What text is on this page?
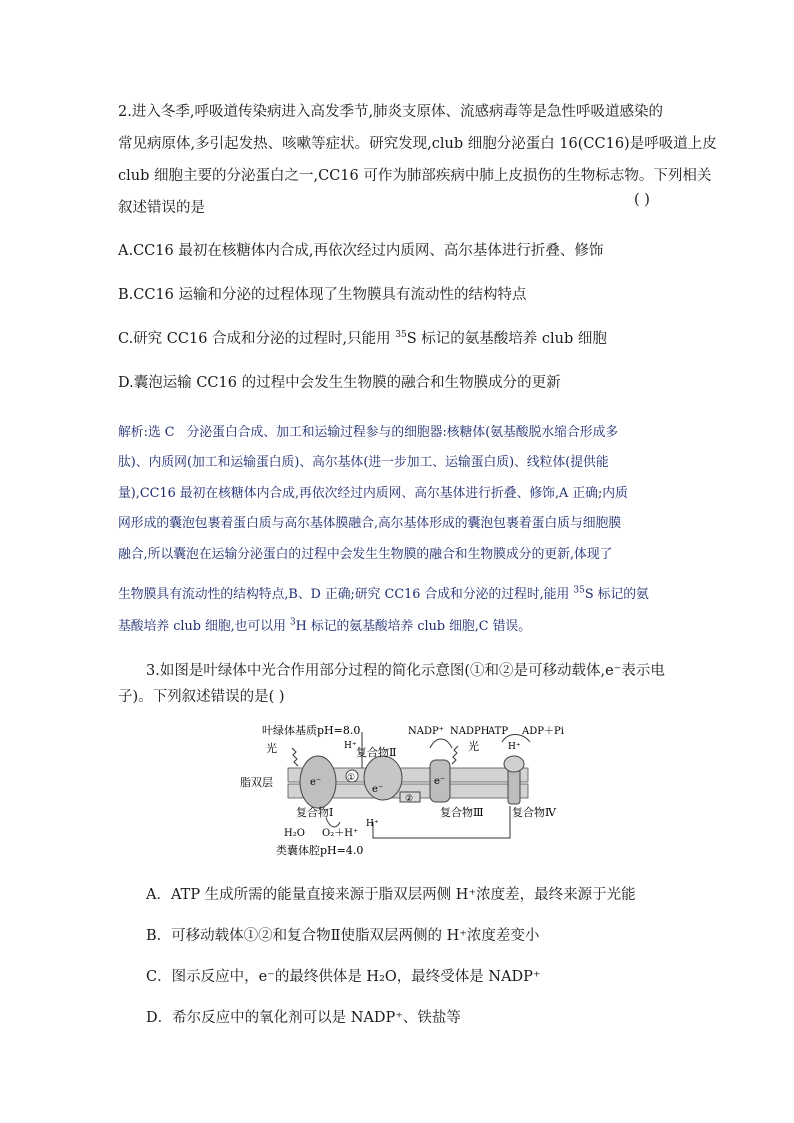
2.进入冬季,呼吸道传染病进入高发季节,肺炎支原体、流感病毒等是急性呼吸道感染的
常见病原体,多引起发热、咳嗽等症状。研究发现,club 细胞分泌蛋白 16(CC16)是呼吸道上皮
club 细胞主要的分泌蛋白之一,CC16 可作为肺部疾病中肺上皮损伤的生物标志物。下列相关
叙述错误的是	( )
A.CC16 最初在核糖体内合成,再依次经过内质网、高尔基体进行折叠、修饰
B.CC16 运输和分泌的过程体现了生物膜具有流动性的结构特点
C.研究 CC16 合成和分泌的过程时,只能用 $^{35}$S 标记的氨基酸培养 club 细胞
D.囊泡运输 CC16 的过程中会发生生物膜的融合和生物膜成分的更新
解析:选 C 分泌蛋白合成、加工和运输过程参与的细胞器:核糖体(氨基酸脱水缩合形成多
肽)、内质网(加工和运输蛋白质)、高尔基体(进一步加工、运输蛋白质)、线粒体(提供能
量),CC16 最初在核糖体内合成,再依次经过内质网、高尔基体进行折叠、修饰,A 正确;内质
网形成的囊泡包裹着蛋白质与高尔基体膜融合,高尔基体形成的囊泡包裹着蛋白质与细胞膜
融合,所以囊泡在运输分泌蛋白的过程中会发生生物膜的融合和生物膜成分的更新,体现了
生物膜具有流动性的结构特点,B、D 正确;研究 CC16 合成和分泌的过程时,能用 $^{35}$S 标记的氨
基酸培养 club 细胞,也可以用 $^3$H 标记的氨基酸培养 club 细胞,C 错误。
3.如图是叶绿体中光合作用部分过程的简化示意图(①和②是可移动载体,e⁻表示电
子)。下列叙述错误的是( )
叶绿体基质pH=8.0
光	H⁺ 复合物Ⅱ
NADP⁺ NADPH
光
ATP ADP＋Pi
H⁺
脂双层	e⁻
e⁻
e⁻
①
②
复合物Ⅰ	复合物Ⅲ	复合物Ⅳ
H⁺
H₂O O₂＋H⁺
类囊体腔pH=4.0
A．ATP 生成所需的能量直接来源于脂双层两侧 H⁺浓度差，最终来源于光能
B．可移动载体①②和复合物Ⅱ使脂双层两侧的 H⁺浓度差变小
C．图示反应中，e⁻的最终供体是 H₂O，最终受体是 NADP⁺
D．希尔反应中的氧化剂可以是 NADP⁺、铁盐等
